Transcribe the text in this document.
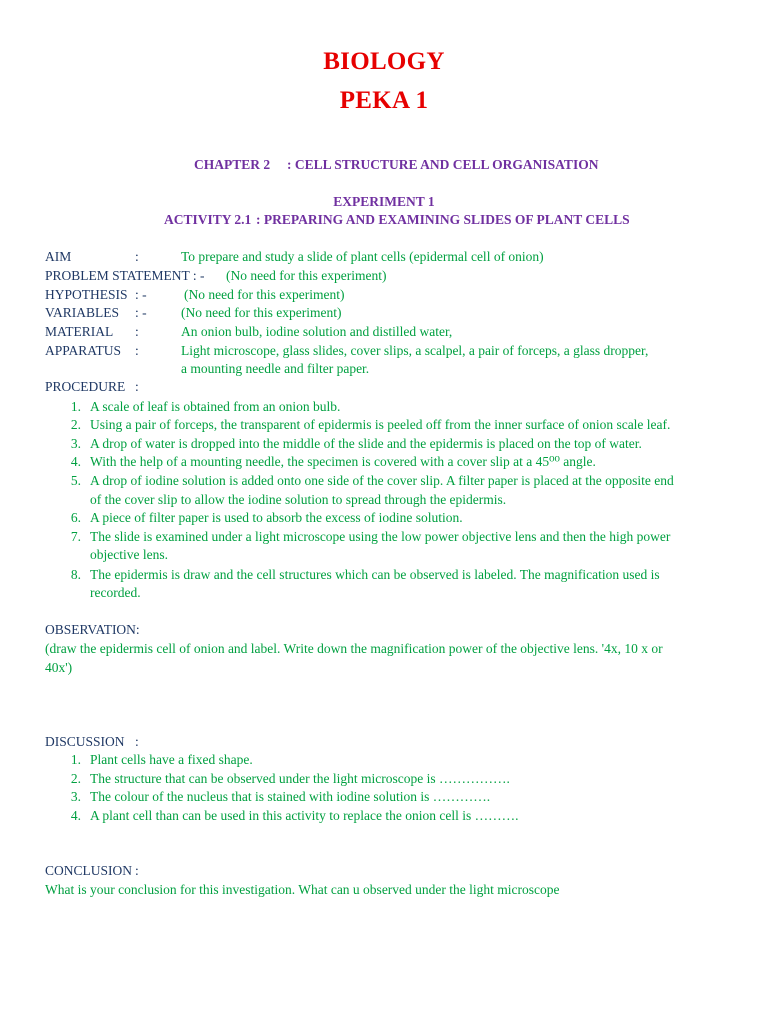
BIOLOGY
PEKA 1
CHAPTER 2 : CELL STRUCTURE AND CELL ORGANISATION
EXPERIMENT 1
ACTIVITY 2.1 : PREPARING AND EXAMINING SLIDES OF PLANT CELLS
AIM	:	To prepare and study a slide of plant cells (epidermal cell of onion)
PROBLEM STATEMENT : - (No need for this experiment)
HYPOTHESIS : -	(No need for this experiment)
VARIABLES : -	(No need for this experiment)
MATERIAL :	An onion bulb, iodine solution and distilled water,
APPARATUS :	Light microscope, glass slides, cover slips, a scalpel, a pair of forceps, a glass dropper,
a mounting needle and filter paper.
PROCEDURE :
1. A scale of leaf is obtained from an onion bulb.
2. Using a pair of forceps, the transparent of epidermis is peeled off from the inner surface of onion scale leaf.
3. A drop of water is dropped into the middle of the slide and the epidermis is placed on the top of water.
4. With the help of a mounting needle, the specimen is covered with a cover slip at a 45⁰⁰ angle.
5. A drop of iodine solution is added onto one side of the cover slip. A filter paper is placed at the opposite end
of the cover slip to allow the iodine solution to spread through the epidermis.
6. A piece of filter paper is used to absorb the excess of iodine solution.
7. The slide is examined under a light microscope using the low power objective lens and then the high power
objective lens.
8. The epidermis is draw and the cell structures which can be observed is labeled. The magnification used is
recorded.
OBSERVATION:
(draw the epidermis cell of onion and label. Write down the magnification power of the objective lens. '4x, 10 x or
40x')
DISCUSSION :
1. Plant cells have a fixed shape.
2. The structure that can be observed under the light microscope is …………….
3. The colour of the nucleus that is stained with iodine solution is ………….
4. A plant cell than can be used in this activity to replace the onion cell is ……….
CONCLUSION :
What is your conclusion for this investigation. What can u observed under the light microscope
